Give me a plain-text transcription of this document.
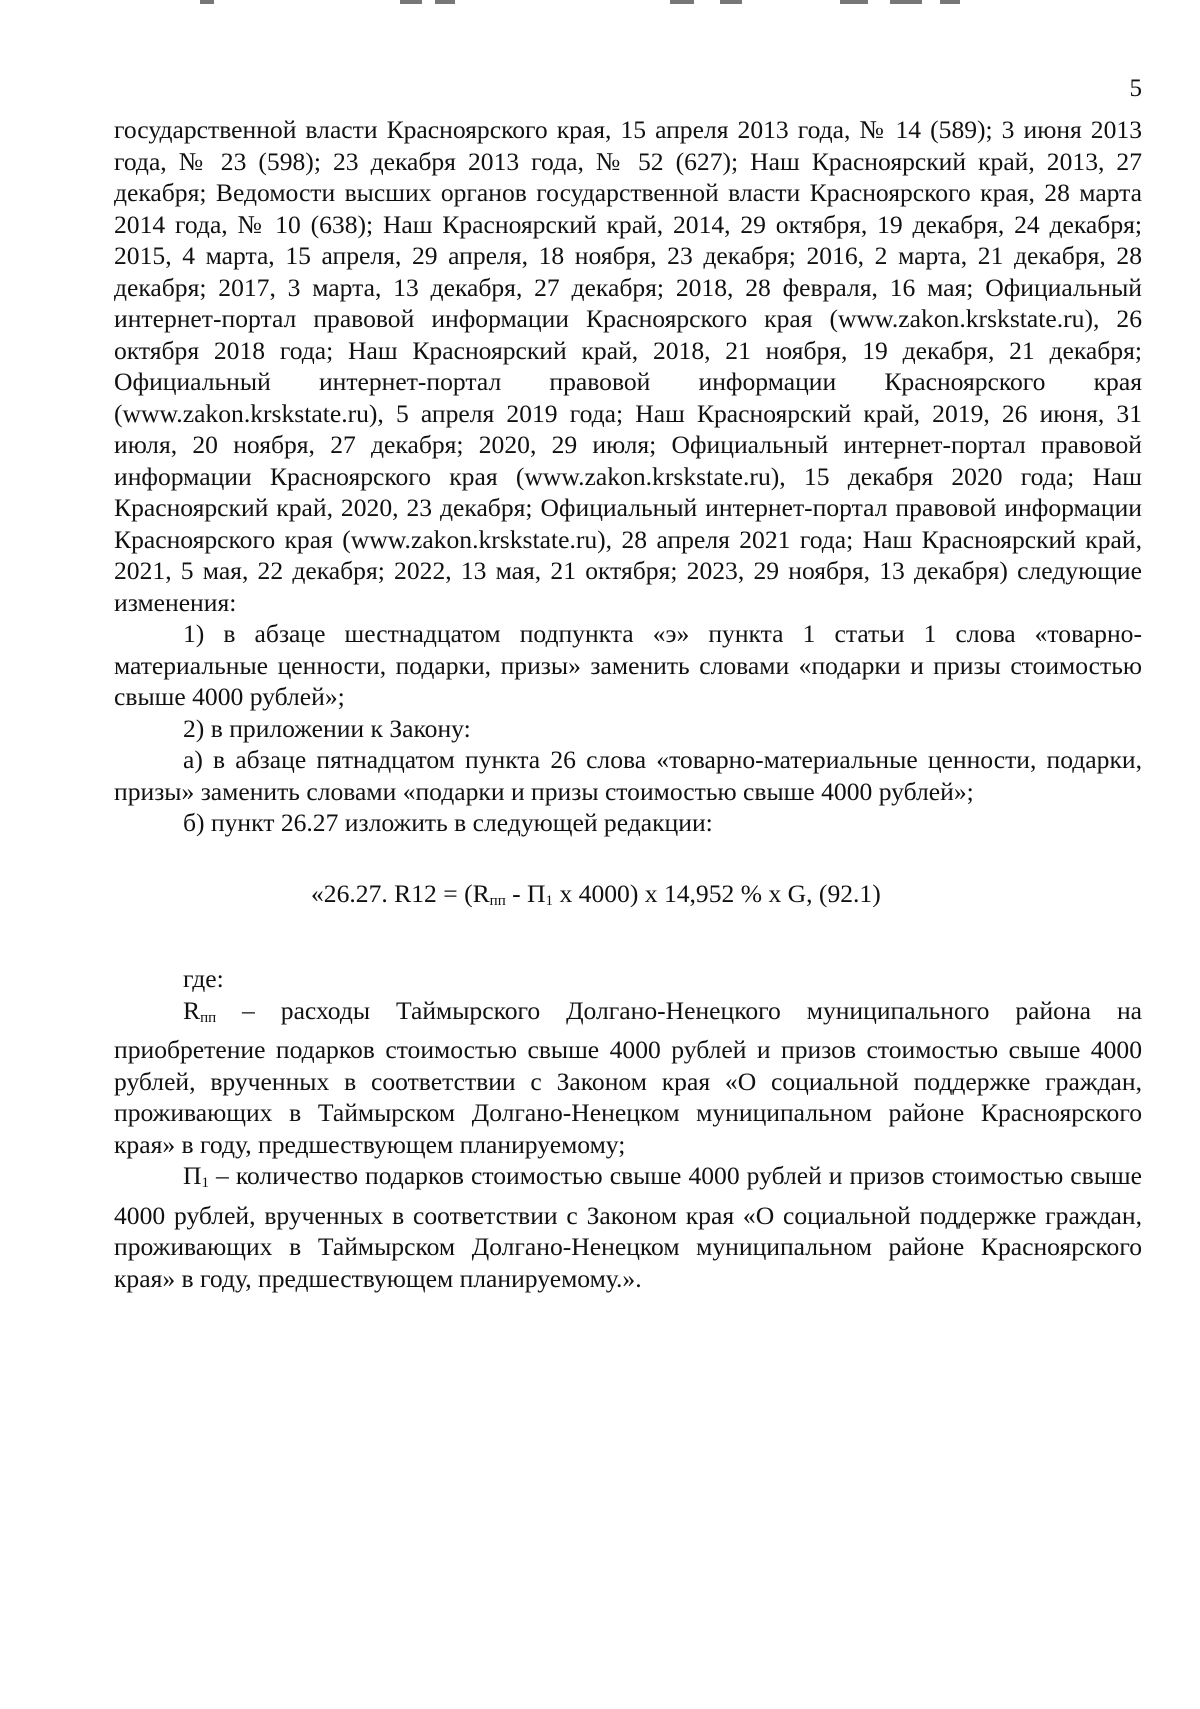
5

государственной власти Красноярского края, 15 апреля 2013 года, № 14 (589); 3 июня 2013 года, № 23 (598); 23 декабря 2013 года, № 52 (627); Наш Красноярский край, 2013, 27 декабря; Ведомости высших органов государственной власти Красноярского края, 28 марта 2014 года, № 10 (638); Наш Красноярский край, 2014, 29 октября, 19 декабря, 24 декабря; 2015, 4 марта, 15 апреля, 29 апреля, 18 ноября, 23 декабря; 2016, 2 марта, 21 декабря, 28 декабря; 2017, 3 марта, 13 декабря, 27 декабря; 2018, 28 февраля, 16 мая; Официальный интернет-портал правовой информации Красноярского края (www.zakon.krskstate.ru), 26 октября 2018 года; Наш Красноярский край, 2018, 21 ноября, 19 декабря, 21 декабря; Официальный интернет-портал правовой информации Красноярского края (www.zakon.krskstate.ru), 5 апреля 2019 года; Наш Красноярский край, 2019, 26 июня, 31 июля, 20 ноября, 27 декабря; 2020, 29 июля; Официальный интернет-портал правовой информации Красноярского края (www.zakon.krskstate.ru), 15 декабря 2020 года; Наш Красноярский край, 2020, 23 декабря; Официальный интернет-портал правовой информации Красноярского края (www.zakon.krskstate.ru), 28 апреля 2021 года; Наш Красноярский край, 2021, 5 мая, 22 декабря; 2022, 13 мая, 21 октября; 2023, 29 ноября, 13 декабря) следующие изменения:

1) в абзаце шестнадцатом подпункта «э» пункта 1 статьи 1 слова «товарно-материальные ценности, подарки, призы» заменить словами «подарки и призы стоимостью свыше 4000 рублей»;

2) в приложении к Закону:

а) в абзаце пятнадцатом пункта 26 слова «товарно-материальные ценности, подарки, призы» заменить словами «подарки и призы стоимостью свыше 4000 рублей»;

б) пункт 26.27 изложить в следующей редакции:

«26.27. $R12 = (R_{пп} - П_1$ х 4000) х 14,952 % х G, (92.1)

где:

$R_{пп}$ – расходы Таймырского Долгано-Ненецкого муниципального района на приобретение подарков стоимостью свыше 4000 рублей и призов стоимостью свыше 4000 рублей, врученных в соответствии с Законом края «О социальной поддержке граждан, проживающих в Таймырском Долгано-Ненецком муниципальном районе Красноярского края» в году, предшествующем планируемому;

$П_1$ – количество подарков стоимостью свыше 4000 рублей и призов стоимостью свыше 4000 рублей, врученных в соответствии с Законом края «О социальной поддержке граждан, проживающих в Таймырском Долгано-Ненецком муниципальном районе Красноярского края» в году, предшествующем планируемому.».
